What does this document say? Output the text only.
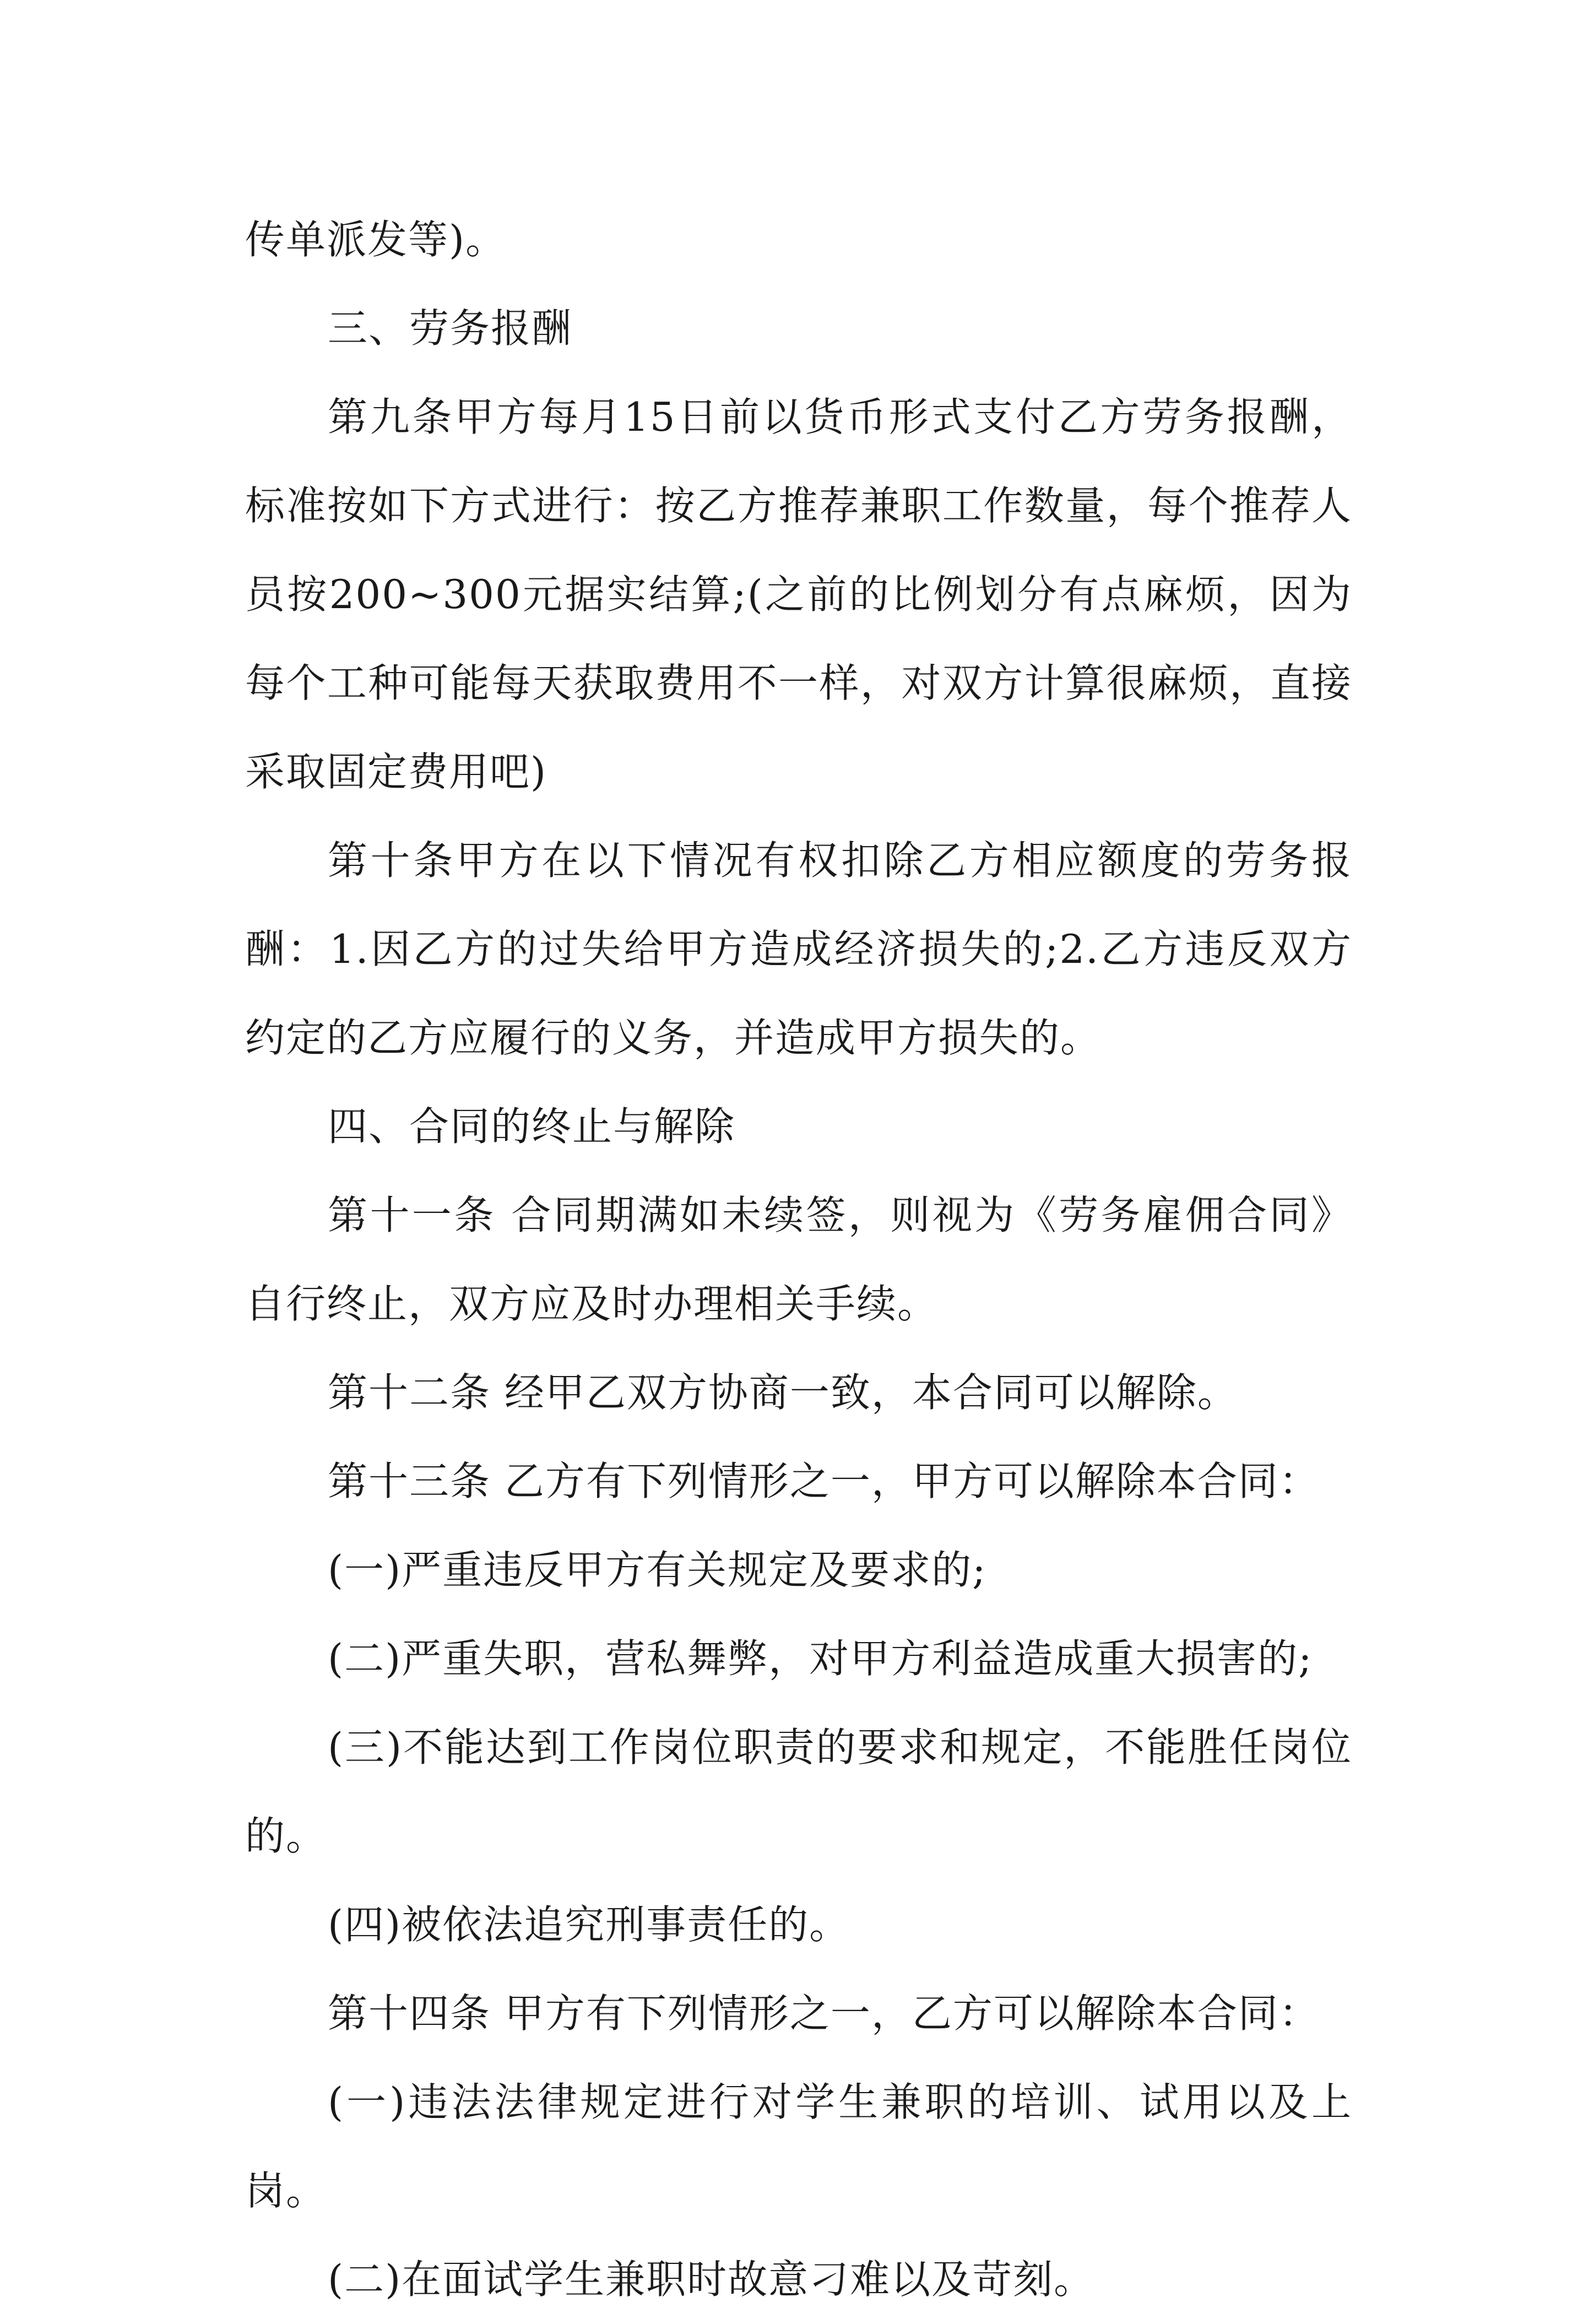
传单派发等)。

三、劳务报酬

第九条甲方每月15日前以货币形式支付乙方劳务报酬，标准按如下方式进行：按乙方推荐兼职工作数量，每个推荐人员按200~300元据实结算;(之前的比例划分有点麻烦，因为每个工种可能每天获取费用不一样，对双方计算很麻烦，直接采取固定费用吧)

第十条甲方在以下情况有权扣除乙方相应额度的劳务报酬：1.因乙方的过失给甲方造成经济损失的;2.乙方违反双方约定的乙方应履行的义务，并造成甲方损失的。

四、合同的终止与解除

第十一条 合同期满如未续签，则视为《劳务雇佣合同》自行终止，双方应及时办理相关手续。

第十二条 经甲乙双方协商一致，本合同可以解除。

第十三条 乙方有下列情形之一，甲方可以解除本合同：

(一)严重违反甲方有关规定及要求的;

(二)严重失职，营私舞弊，对甲方利益造成重大损害的;

(三)不能达到工作岗位职责的要求和规定，不能胜任岗位的。

(四)被依法追究刑事责任的。

第十四条 甲方有下列情形之一，乙方可以解除本合同：

(一)违法法律规定进行对学生兼职的培训、试用以及上岗。

(二)在面试学生兼职时故意刁难以及苛刻。
